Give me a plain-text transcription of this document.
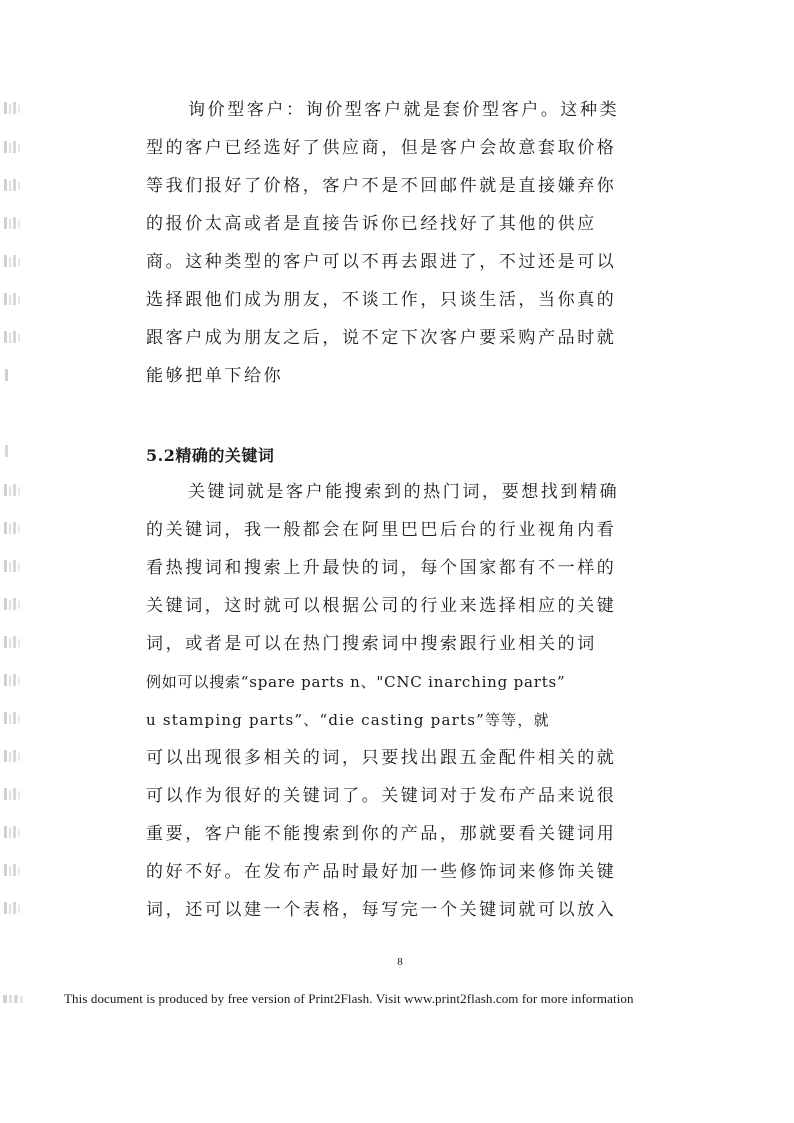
询价型客户：询价型客户就是套价型客户。这种类
型的客户已经选好了供应商，但是客户会故意套取价格
等我们报好了价格，客户不是不回邮件就是直接嫌弃你
的报价太高或者是直接告诉你已经找好了其他的供应
商。这种类型的客户可以不再去跟进了，不过还是可以
选择跟他们成为朋友，不谈工作，只谈生活，当你真的
跟客户成为朋友之后，说不定下次客户要采购产品时就
能够把单下给你
5.2精确的关键词
关键词就是客户能搜索到的热门词，要想找到精确
的关键词，我一般都会在阿里巴巴后台的行业视角内看
看热搜词和搜索上升最快的词，每个国家都有不一样的
关键词，这时就可以根据公司的行业来选择相应的关键
词，或者是可以在热门搜索词中搜索跟行业相关的词
例如可以搜索“spare parts n、"CNC inarching parts”
u stamping parts”、“die casting parts”等等，就
可以出现很多相关的词，只要找出跟五金配件相关的就
可以作为很好的关键词了。关键词对于发布产品来说很
重要，客户能不能搜索到你的产品，那就要看关键词用
的好不好。在发布产品时最好加一些修饰词来修饰关键
词，还可以建一个表格，每写完一个关键词就可以放入
8
This document is produced by free version of Print2Flash. Visit www.print2flash.com for more information
